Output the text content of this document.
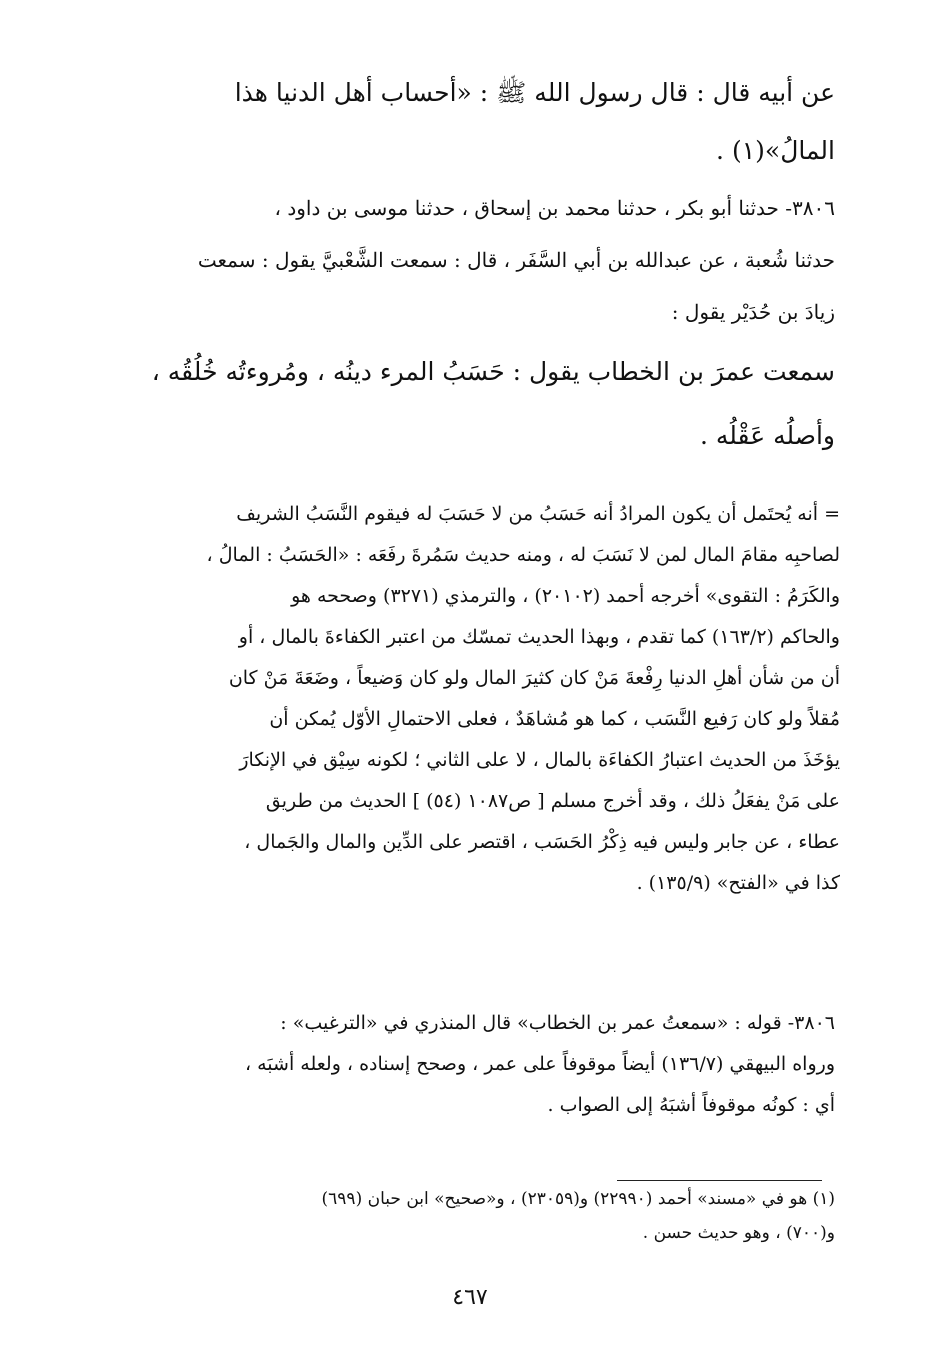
عن أبيه قال : قال رسول الله ﷺ : «أحساب أهل الدنيا هذا
المالُ»(١) .
٣٨٠٦- حدثنا أبو بكر ، حدثنا محمد بن إسحاق ، حدثنا موسى بن داود ،
حدثنا شُعبة ، عن عبدالله بن أبي السَّفَر ، قال : سمعت الشَّعْبيَّ يقول : سمعت
زيادَ بن حُدَيْر يقول :
سمعت عمرَ بن الخطاب يقول : حَسَبُ المرء دينُه ، ومُروءتُه خُلُقُه ،
وأصلُه عَقْلُه .
= أنه يُحتَمل أن يكون المرادُ أنه حَسَبُ من لا حَسَبَ له فيقوم النَّسَبُ الشريف
لصاحبِه مقامَ المال لمن لا نَسَبَ له ، ومنه حديث سَمُرةَ رفَعَه : «الحَسَبُ : المالُ ،
والكَرَمُ : التقوى» أخرجه أحمد (٢٠١٠٢) ، والترمذي (٣٢٧١) وصححه هو
والحاكم (١٦٣/٢) كما تقدم ، وبهذا الحديث تمسّك من اعتبر الكفاءةَ بالمال ، أو
أن من شأن أهلِ الدنيا رِفْعةَ مَنْ كان كثيرَ المال ولو كان وَضيعاً ، وضَعَةَ مَنْ كان
مُقلاً ولو كان رَفيع النَّسَب ، كما هو مُشاهَدٌ ، فعلى الاحتمالِ الأوّل يُمكن أن
يؤخَذَ من الحديث اعتبارُ الكفاءَة بالمال ، لا على الثاني ؛ لكونه سِيْق في الإنكارَ
على مَنْ يفعَلُ ذلك ، وقد أخرج مسلم [ ص١٠٨٧ (٥٤) ] الحديث من طريق
عطاء ، عن جابر وليس فيه ذِكْرُ الحَسَب ، اقتصر على الدِّين والمال والجَمال ،
كذا في «الفتح» (١٣٥/٩) .
٣٨٠٦- قوله : «سمعتُ عمر بن الخطاب» قال المنذري في «الترغيب» :
ورواه البيهقي (١٣٦/٧) أيضاً موقوفاً على عمر ، وصحح إسناده ، ولعله أشبَه ،
أي : كونُه موقوفاً أشبَهُ إلى الصواب .
(١) هو في «مسند» أحمد (٢٢٩٩٠) و(٢٣٠٥٩) ، و«صحيح» ابن حبان (٦٩٩)
و(٧٠٠) ، وهو حديث حسن .
٤٦٧
